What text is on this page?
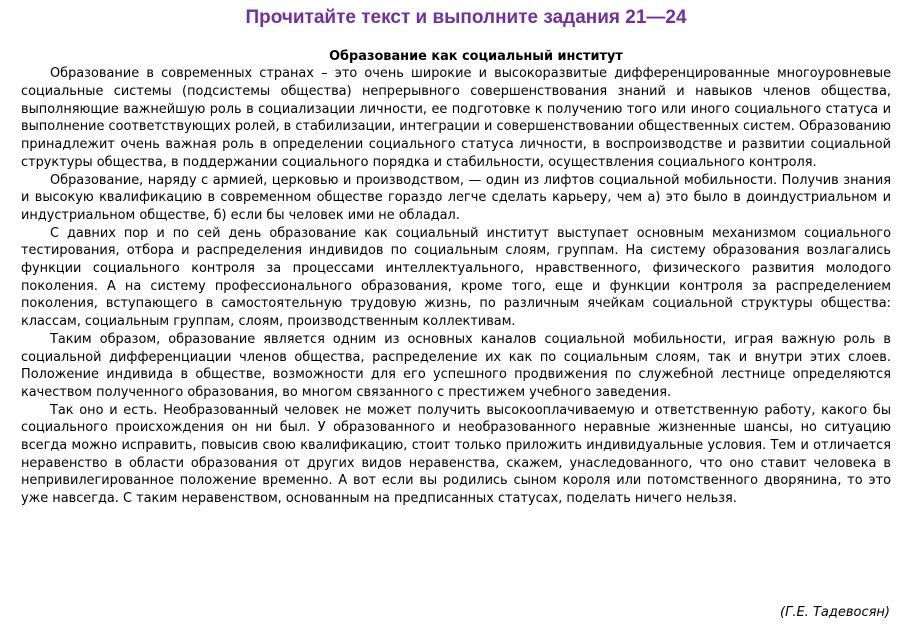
Прочитайте текст и выполните задания 21—24
Образование как социальный институт

Образование в современных странах – это очень широкие и высокоразвитые дифференцированные многоуровневые социальные системы (подсистемы общества) непрерывного совершенствования знаний и навыков членов общества, выполняющие важнейшую роль в социализации личности, ее подготовке к получению того или иного социального статуса и выполнение соответствующих ролей, в стабилизации, интеграции и совершенствовании общественных систем. Образованию принадлежит очень важная роль в определении социального статуса личности, в воспроизводстве и развитии социальной структуры общества, в поддержании социального порядка и стабильности, осуществления социального контроля.

Образование, наряду с армией, церковью и производством, — один из лифтов социальной мобильности. Получив знания и высокую квалификацию в современном обществе гораздо легче сделать карьеру, чем а) это было в доиндустриальном и индустриальном обществе, б) если бы человек ими не обладал.

С давних пор и по сей день образование как социальный институт выступает основным механизмом социального тестирования, отбора и распределения индивидов по социальным слоям, группам. На систему образования возлагались функции социального контроля за процессами интеллектуального, нравственного, физического развития молодого поколения. А на систему профессионального образования, кроме того, еще и функции контроля за распределением поколения, вступающего в самостоятельную трудовую жизнь, по различным ячейкам социальной структуры общества: классам, социальным группам, слоям, производственным коллективам.

Таким образом, образование является одним из основных каналов социальной мобильности, играя важную роль в социальной дифференциации членов общества, распределение их как по социальным слоям, так и внутри этих слоев. Положение индивида в обществе, возможности для его успешного продвижения по служебной лестнице определяются качеством полученного образования, во многом связанного с престижем учебного заведения.

Так оно и есть. Необразованный человек не может получить высокооплачиваемую и ответственную работу, какого бы социального происхождения он ни был. У образованного и необразованного неравные жизненные шансы, но ситуацию всегда можно исправить, повысив свою квалификацию, стоит только приложить индивидуальные условия. Тем и отличается неравенство в области образования от других видов неравенства, скажем, унаследованного, что оно ставит человека в непривилегированное положение временно. А вот если вы родились сыном короля или потомственного дворянина, то это уже навсегда. С таким неравенством, основанным на предписанных статусах, поделать ничего нельзя.

(Г.Е. Тадевосян)
